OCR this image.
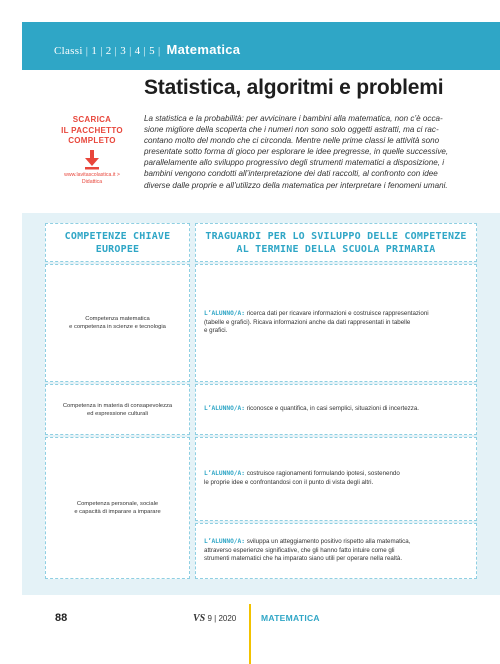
Classi | 1 | 2 | 3 | 4 | 5 | Matematica
Statistica, algoritmi e problemi
SCARICA
IL PACCHETTO
COMPLETO
www.lavitascolastica.it >
Didattica
La statistica e la probabilità: per avvicinare i bambini alla matematica, non c’è occa-
sione migliore della scoperta che i numeri non sono solo oggetti astratti, ma ci rac-
contano molto del mondo che ci circonda. Mentre nelle prime classi le attività sono
presentate sotto forma di gioco per esplorare le idee pregresse, in quelle successive,
parallelamente allo sviluppo progressivo degli strumenti matematici a disposizione, i
bambini vengono condotti all’interpretazione dei dati raccolti, al confronto con idee
diverse dalle proprie e all’utilizzo della matematica per interpretare i fenomeni umani.
COMPETENZE CHIAVE
EUROPEE
TRAGUARDI PER LO SVILUPPO DELLE COMPETENZE
AL TERMINE DELLA SCUOLA PRIMARIA
Competenza matematica
e competenza in scienze e tecnologia
Competenza in materia di consapevolezza
ed espressione culturali
Competenza personale, sociale
e capacità di imparare a imparare
L’ALUNNO/A: ricerca dati per ricavare informazioni e costruisce rappresentazioni
(tabelle e grafici). Ricava informazioni anche da dati rappresentati in tabelle
e grafici.
L’ALUNNO/A: riconosce e quantifica, in casi semplici, situazioni di incertezza.
L’ALUNNO/A: costruisce ragionamenti formulando ipotesi, sostenendo
le proprie idee e confrontandosi con il punto di vista degli altri.
L’ALUNNO/A: sviluppa un atteggiamento positivo rispetto alla matematica,
attraverso esperienze significative, che gli hanno fatto intuire come gli
strumenti matematici che ha imparato siano utili per operare nella realtà.
88	VS 9 | 2020	MATEMATICA
